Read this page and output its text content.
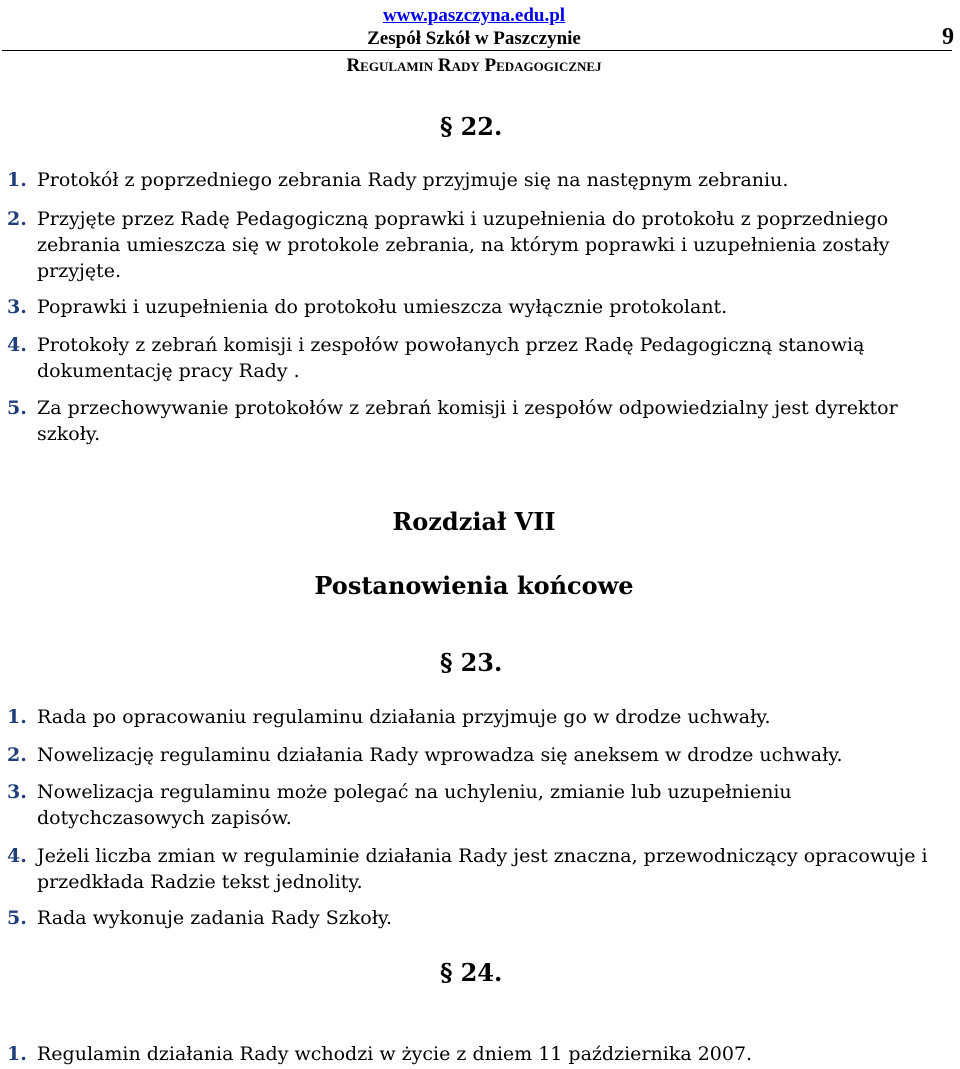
www.paszczyna.edu.pl
Zespół Szkół w Paszczynie	9
Regulamin Rady Pedagogicznej
§ 22.
1. Protokół z poprzedniego zebrania Rady przyjmuje się na następnym zebraniu.
2. Przyjęte przez Radę Pedagogiczną poprawki i uzupełnienia do protokołu z poprzedniego zebrania umieszcza się w protokole zebrania, na którym poprawki i uzupełnienia zostały przyjęte.
3. Poprawki i uzupełnienia do protokołu umieszcza wyłącznie protokolant.
4. Protokoły z zebrań komisji i zespołów powołanych przez Radę Pedagogiczną stanowią dokumentację pracy Rady .
5. Za przechowywanie protokołów z zebrań komisji i zespołów odpowiedzialny jest dyrektor szkoły.
Rozdział VII
Postanowienia końcowe
§ 23.
1. Rada po opracowaniu regulaminu działania przyjmuje go w drodze uchwały.
2. Nowelizację regulaminu działania Rady wprowadza się aneksem w drodze uchwały.
3. Nowelizacja regulaminu może polegać na uchyleniu, zmianie lub uzupełnieniu dotychczasowych zapisów.
4. Jeżeli liczba zmian w regulaminie działania Rady jest znaczna, przewodniczący opracowuje i przedkłada Radzie tekst jednolity.
5. Rada wykonuje zadania Rady Szkoły.
§ 24.
1. Regulamin działania Rady wchodzi w życie z dniem 11 października 2007.
